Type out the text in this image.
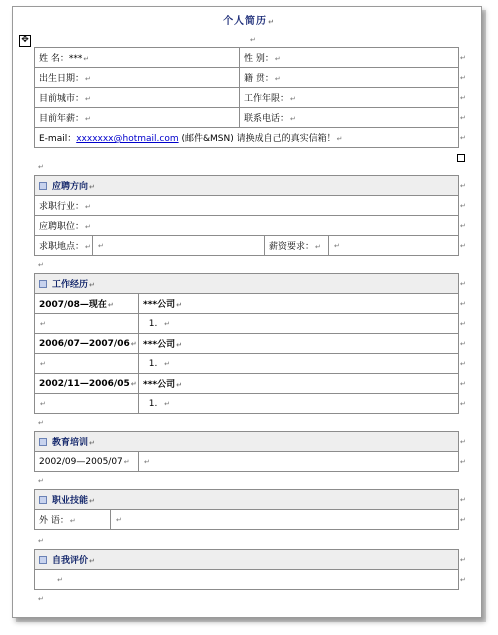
个人简历↵
↵
✥
姓 名：***↵	性 别：↵	↵
出生日期：↵	籍 贯：↵	↵
目前城市：↵	工作年限：↵	↵
目前年薪：↵	联系电话：↵	↵
E-mail：xxxxxxx@hotmail.com (邮件&MSN) 请换成自己的真实信箱！↵		↵
↵
应聘方向↵				↵
求职行业：↵				↵
应聘职位：↵				↵
求职地点：↵	↵	薪资要求：↵	↵	↵
↵
工作经历↵		↵
2007/08—现在↵	***公司↵	↵
↵	1. ↵	↵
2006/07—2007/06↵	***公司↵	↵
↵	1. ↵	↵
2002/11—2006/05↵	***公司↵	↵
↵	1. ↵	↵
↵
教育培训↵		↵
2002/09—2005/07↵	↵	↵
↵
职业技能↵		↵
外 语：↵	↵	↵
↵
自我评价↵	↵
↵	↵
↵
